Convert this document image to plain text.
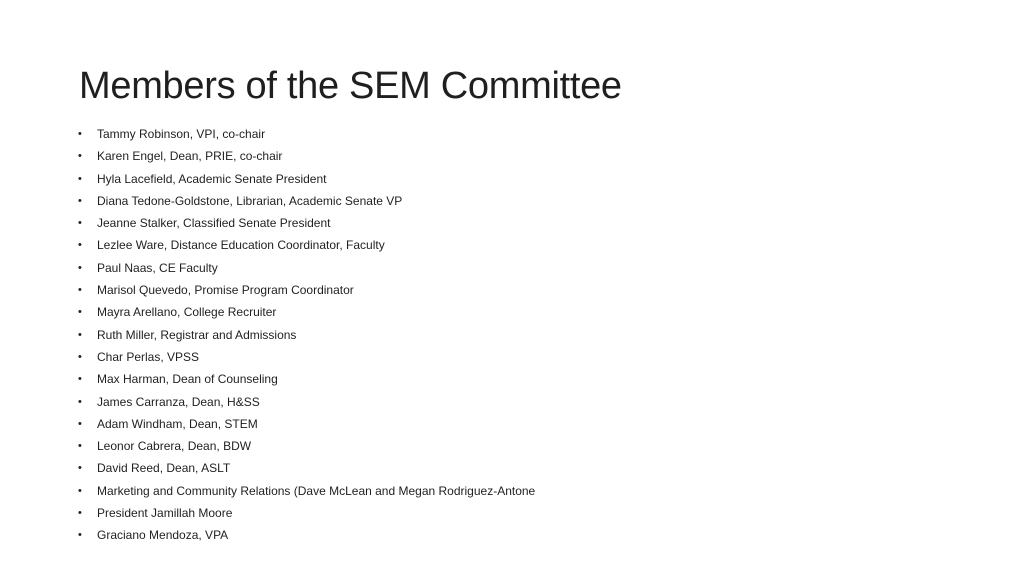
Members of the SEM Committee
• Tammy Robinson, VPI, co-chair
• Karen Engel, Dean, PRIE, co-chair
• Hyla Lacefield, Academic Senate President
• Diana Tedone-Goldstone, Librarian, Academic Senate VP
• Jeanne Stalker, Classified Senate President
• Lezlee Ware, Distance Education Coordinator, Faculty
• Paul Naas, CE Faculty
• Marisol Quevedo, Promise Program Coordinator
• Mayra Arellano, College Recruiter
• Ruth Miller, Registrar and Admissions
• Char Perlas, VPSS
• Max Harman, Dean of Counseling
• James Carranza, Dean, H&SS
• Adam Windham, Dean, STEM
• Leonor Cabrera, Dean, BDW
• David Reed, Dean, ASLT
• Marketing and Community Relations (Dave McLean and Megan Rodriguez-Antone
• President Jamillah Moore
• Graciano Mendoza, VPA
